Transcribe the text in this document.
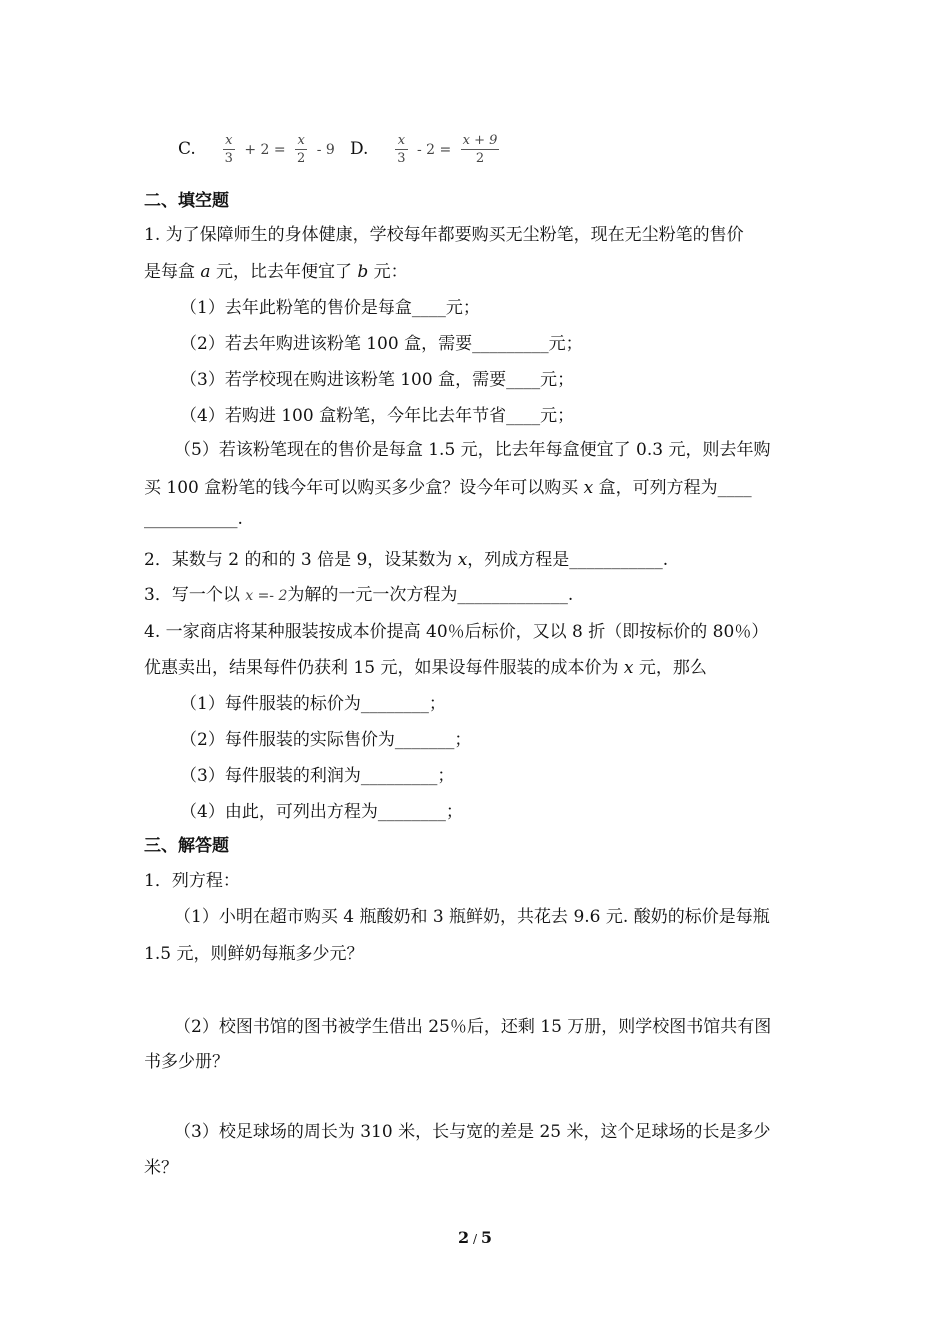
C. $\frac{x}{3} + 2 = \frac{x}{2} - 9$ D. $\frac{x}{3} - 2 = \frac{x + 9}{2}$
二、填空题
1. 为了保障师生的身体健康，学校每年都要购买无尘粉笔，现在无尘粉笔的售价
是每盒 a 元，比去年便宜了 b 元：
（1）去年此粉笔的售价是每盒____元；
（2）若去年购进该粉笔 100 盒，需要_________元；
（3）若学校现在购进该粉笔 100 盒，需要____元；
（4）若购进 100 盒粉笔，今年比去年节省____元；
（5）若该粉笔现在的售价是每盒 1.5 元，比去年每盒便宜了 0.3 元，则去年购
买 100 盒粉笔的钱今年可以购买多少盒？设今年可以购买 x 盒，可列方程为____
___________.
2．某数与 2 的和的 3 倍是 9，设某数为 x，列成方程是___________.
3．写一个以 x =- 2为解的一元一次方程为_____________.
4. 一家商店将某种服装按成本价提高 40％后标价，又以 8 折（即按标价的 80％）
优惠卖出，结果每件仍获利 15 元，如果设每件服装的成本价为 x 元，那么
（1）每件服装的标价为________；
（2）每件服装的实际售价为_______；
（3）每件服装的利润为_________；
（4）由此，可列出方程为________；
三、解答题
1．列方程：
（1）小明在超市购买 4 瓶酸奶和 3 瓶鲜奶，共花去 9.6 元. 酸奶的标价是每瓶
1.5 元，则鲜奶每瓶多少元？
（2）校图书馆的图书被学生借出 25％后，还剩 15 万册，则学校图书馆共有图
书多少册？
（3）校足球场的周长为 310 米，长与宽的差是 25 米，这个足球场的长是多少
米？
2 / 5
